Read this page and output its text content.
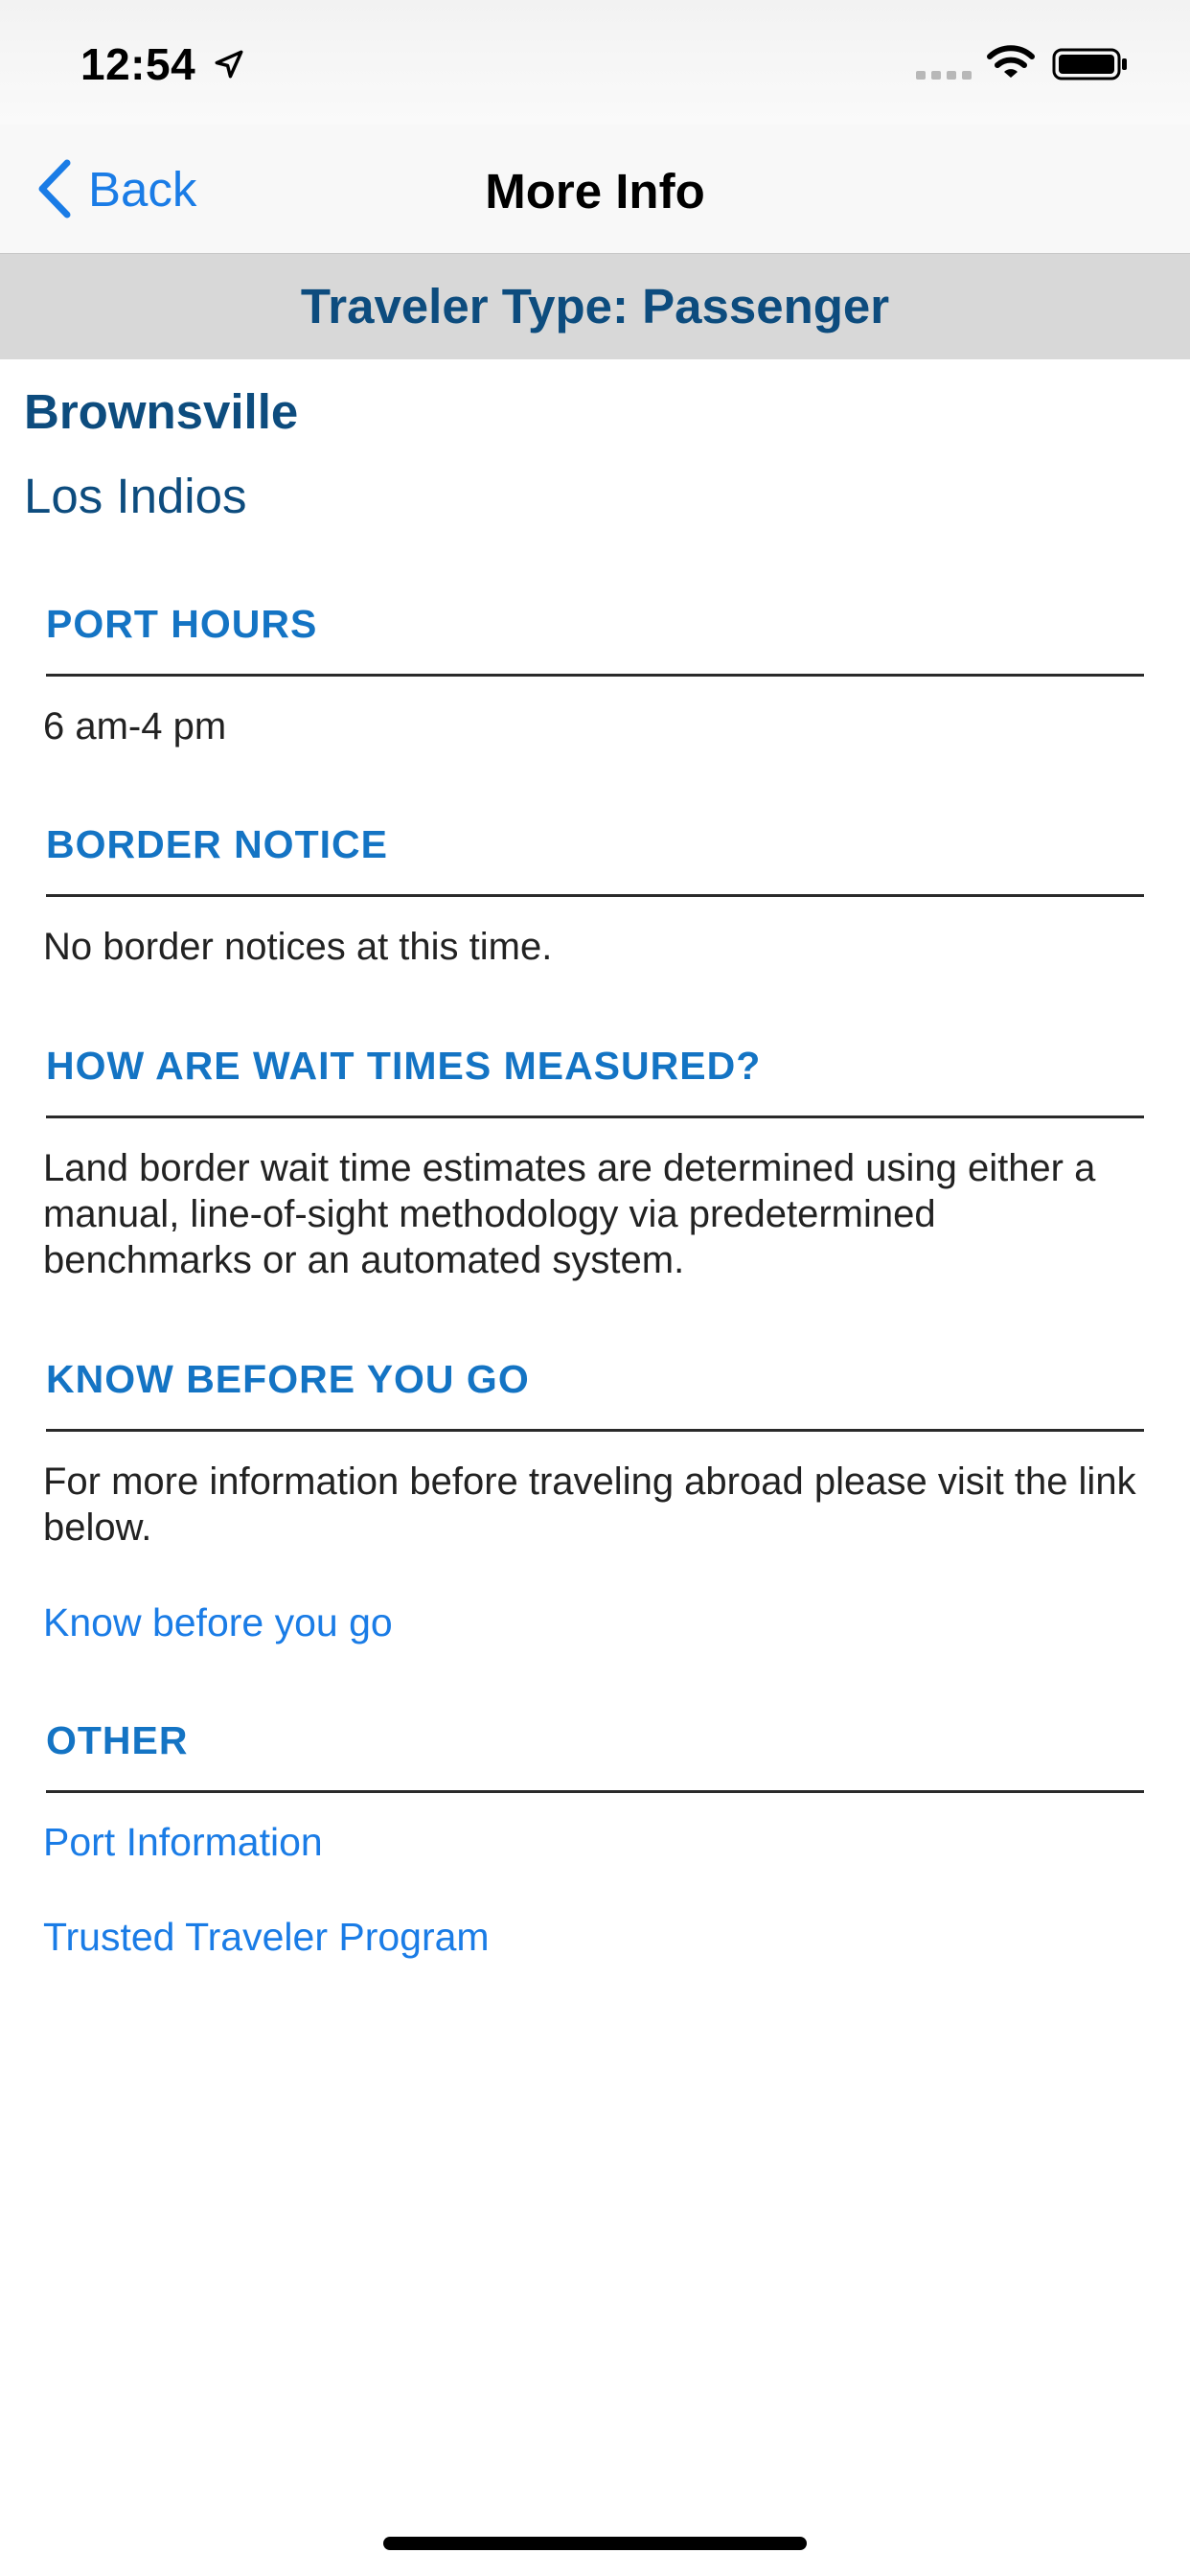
12:54
More Info
Back
Traveler Type: Passenger
Brownsville
Los Indios
PORT HOURS
6 am-4 pm
BORDER NOTICE
No border notices at this time.
HOW ARE WAIT TIMES MEASURED?
Land border wait time estimates are determined using either a manual, line-of-sight methodology via predetermined benchmarks or an automated system.
KNOW BEFORE YOU GO
For more information before traveling abroad please visit the link below.
Know before you go
OTHER
Port Information
Trusted Traveler Program
